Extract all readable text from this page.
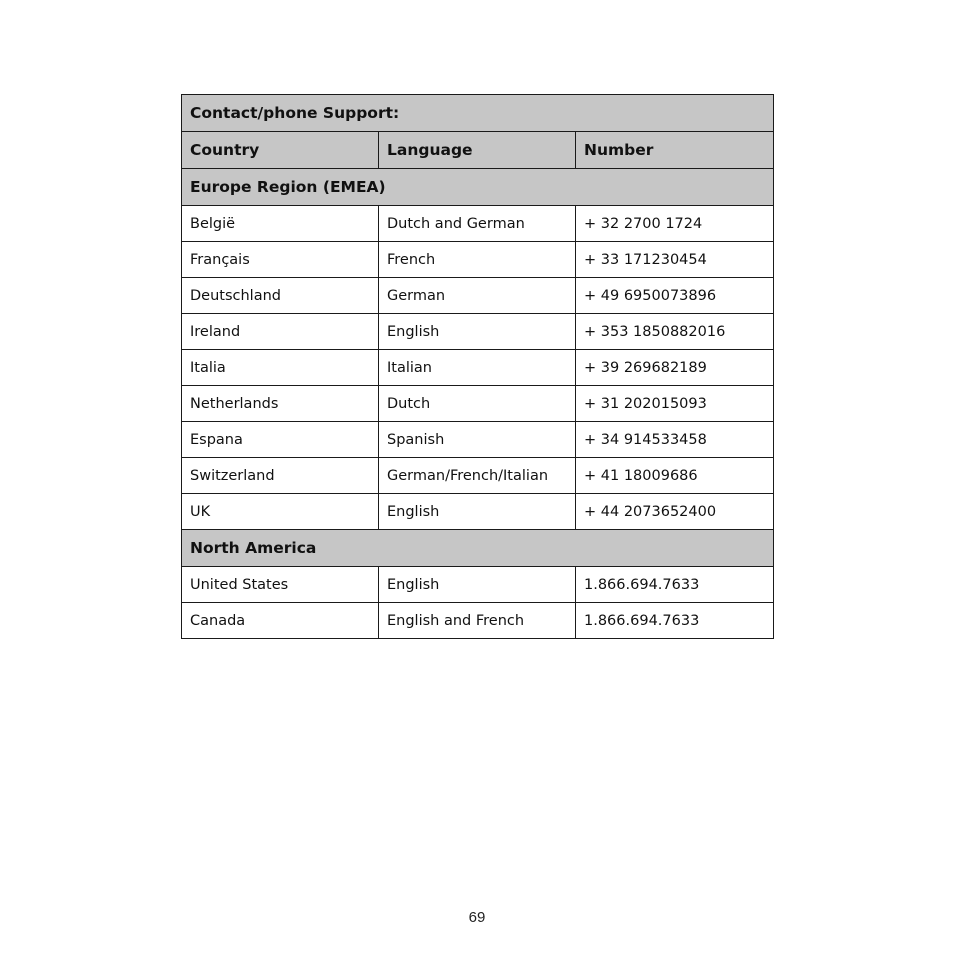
Contact/phone Support:		
Country	Language	Number
Europe Region (EMEA)		
België	Dutch and German	+ 32 2700 1724
Français	French	+ 33 171230454
Deutschland	German	+ 49 6950073896
Ireland	English	+ 353 1850882016
Italia	Italian	+ 39 269682189
Netherlands	Dutch	+ 31 202015093
Espana	Spanish	+ 34 914533458
Switzerland	German/French/Italian	+ 41 18009686
UK	English	+ 44 2073652400
North America		
United States	English	1.866.694.7633
Canada	English and French	1.866.694.7633
69
